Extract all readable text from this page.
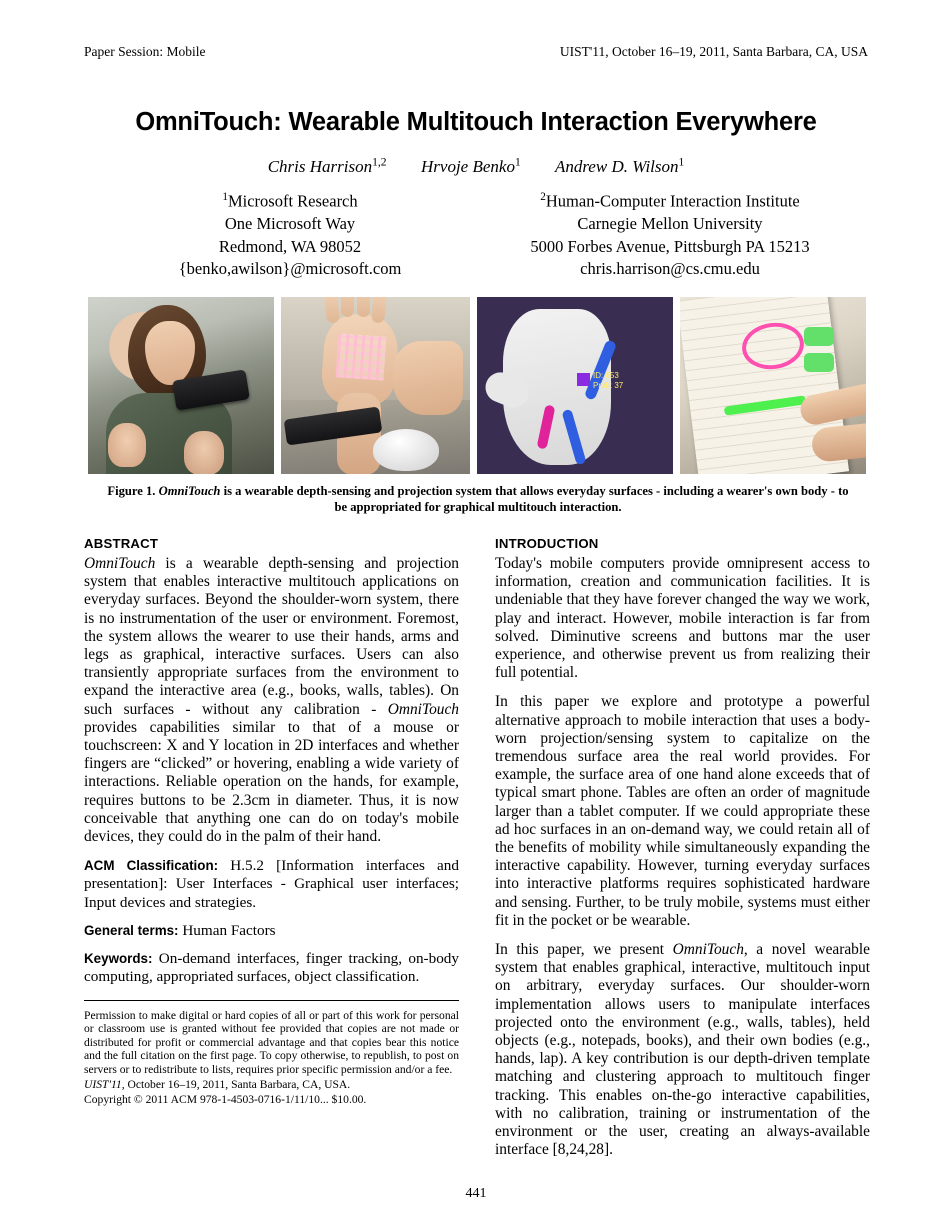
Paper Session: Mobile	UIST'11, October 16–19, 2011, Santa Barbara, CA, USA
OmniTouch: Wearable Multitouch Interaction Everywhere
Chris Harrison$^{1,2}$ Hrvoje Benko$^1$ Andrew D. Wilson$^1$
$^1$Microsoft Research
One Microsoft Way
Redmond, WA 98052
{benko,awilson}@microsoft.com
$^2$Human-Computer Interaction Institute
Carnegie Mellon University
5000 Forbes Avenue, Pittsburgh PA 15213
chris.harrison@cs.cmu.edu
ID: 653
Prob: 37
Figure 1. OmniTouch is a wearable depth-sensing and projection system that allows everyday surfaces - including a wearer's own body - to be appropriated for graphical multitouch interaction.
ABSTRACT

OmniTouch is a wearable depth-sensing and projection system that enables interactive multitouch applications on everyday surfaces. Beyond the shoulder-worn system, there is no instrumentation of the user or environment. Foremost, the system allows the wearer to use their hands, arms and legs as graphical, interactive surfaces. Users can also transiently appropriate surfaces from the environment to expand the interactive area (e.g., books, walls, tables). On such surfaces - without any calibration - OmniTouch provides capabilities similar to that of a mouse or touchscreen: X and Y location in 2D interfaces and whether fingers are “clicked” or hovering, enabling a wide variety of interactions. Reliable operation on the hands, for example, requires buttons to be 2.3cm in diameter. Thus, it is now conceivable that anything one can do on today's mobile devices, they could do in the palm of their hand.

ACM Classification: H.5.2 [Information interfaces and presentation]: User Interfaces - Graphical user interfaces; Input devices and strategies.

General terms: Human Factors

Keywords: On-demand interfaces, finger tracking, on-body computing, appropriated surfaces, object classification.

INTRODUCTION

Today's mobile computers provide omnipresent access to information, creation and communication facilities. It is undeniable that they have forever changed the way we work, play and interact. However, mobile interaction is far from solved. Diminutive screens and buttons mar the user experience, and otherwise prevent us from realizing their full potential.

In this paper we explore and prototype a powerful alternative approach to mobile interaction that uses a body-worn projection/sensing system to capitalize on the tremendous surface area the real world provides. For example, the surface area of one hand alone exceeds that of typical smart phone. Tables are often an order of magnitude larger than a tablet computer. If we could appropriate these ad hoc surfaces in an on-demand way, we could retain all of the benefits of mobility while simultaneously expanding the interactive capability. However, turning everyday surfaces into interactive platforms requires sophisticated hardware and sensing. Further, to be truly mobile, systems must either fit in the pocket or be wearable.

In this paper, we present OmniTouch, a novel wearable system that enables graphical, interactive, multitouch input on arbitrary, everyday surfaces. Our shoulder-worn implementation allows users to manipulate interfaces projected onto the environment (e.g., walls, tables), held objects (e.g., notepads, books), and their own bodies (e.g., hands, lap). A key contribution is our depth-driven template matching and clustering approach to multitouch finger tracking. This enables on-the-go interactive capabilities, with no calibration, training or instrumentation of the environment or the user, creating an always-available interface [8,24,28].

Permission to make digital or hard copies of all or part of this work for personal or classroom use is granted without fee provided that copies are not made or distributed for profit or commercial advantage and that copies bear this notice and the full citation on the first page. To copy otherwise, to republish, to post on servers or to redistribute to lists, requires prior specific permission and/or a fee.

UIST'11, October 16–19, 2011, Santa Barbara, CA, USA.

Copyright © 2011 ACM 978-1-4503-0716-1/11/10... $10.00.

441
